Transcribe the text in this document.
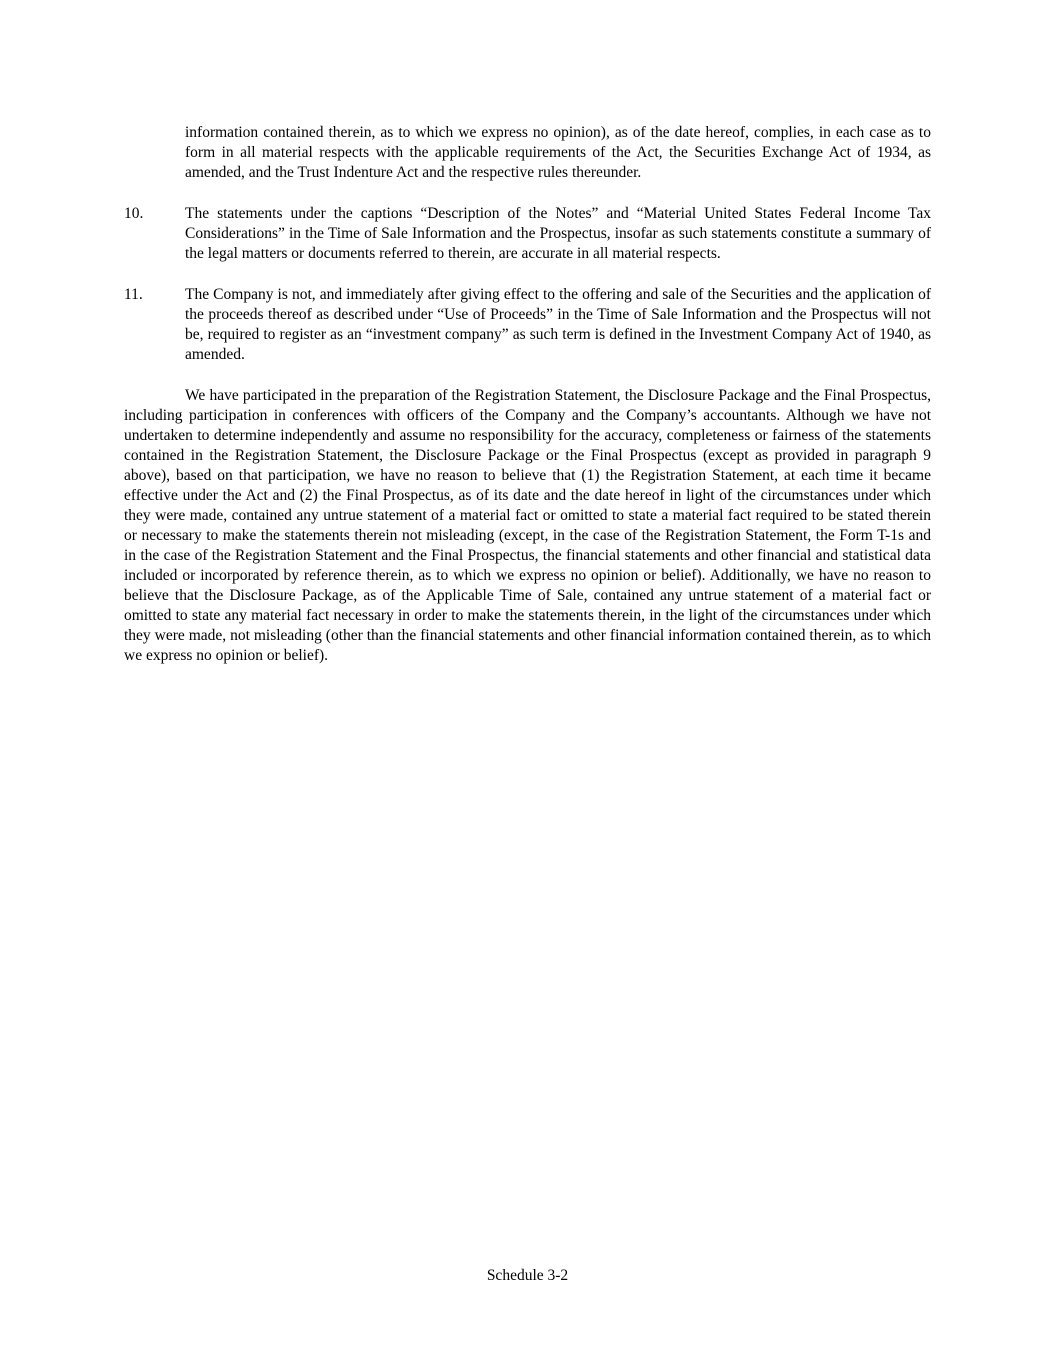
information contained therein, as to which we express no opinion), as of the date hereof, complies, in each case as to form in all material respects with the applicable requirements of the Act, the Securities Exchange Act of 1934, as amended, and the Trust Indenture Act and the respective rules thereunder.

10.	The statements under the captions “Description of the Notes” and “Material United States Federal Income Tax Considerations” in the Time of Sale Information and the Prospectus, insofar as such statements constitute a summary of the legal matters or documents referred to therein, are accurate in all material respects.

11.	The Company is not, and immediately after giving effect to the offering and sale of the Securities and the application of the proceeds thereof as described under “Use of Proceeds” in the Time of Sale Information and the Prospectus will not be, required to register as an “investment company” as such term is defined in the Investment Company Act of 1940, as amended.

We have participated in the preparation of the Registration Statement, the Disclosure Package and the Final Prospectus, including participation in conferences with officers of the Company and the Company’s accountants. Although we have not undertaken to determine independently and assume no responsibility for the accuracy, completeness or fairness of the statements contained in the Registration Statement, the Disclosure Package or the Final Prospectus (except as provided in paragraph 9 above), based on that participation, we have no reason to believe that (1) the Registration Statement, at each time it became effective under the Act and (2) the Final Prospectus, as of its date and the date hereof in light of the circumstances under which they were made, contained any untrue statement of a material fact or omitted to state a material fact required to be stated therein or necessary to make the statements therein not misleading (except, in the case of the Registration Statement, the Form T-1s and in the case of the Registration Statement and the Final Prospectus, the financial statements and other financial and statistical data included or incorporated by reference therein, as to which we express no opinion or belief). Additionally, we have no reason to believe that the Disclosure Package, as of the Applicable Time of Sale, contained any untrue statement of a material fact or omitted to state any material fact necessary in order to make the statements therein, in the light of the circumstances under which they were made, not misleading (other than the financial statements and other financial information contained therein, as to which we express no opinion or belief).

Schedule 3-2
